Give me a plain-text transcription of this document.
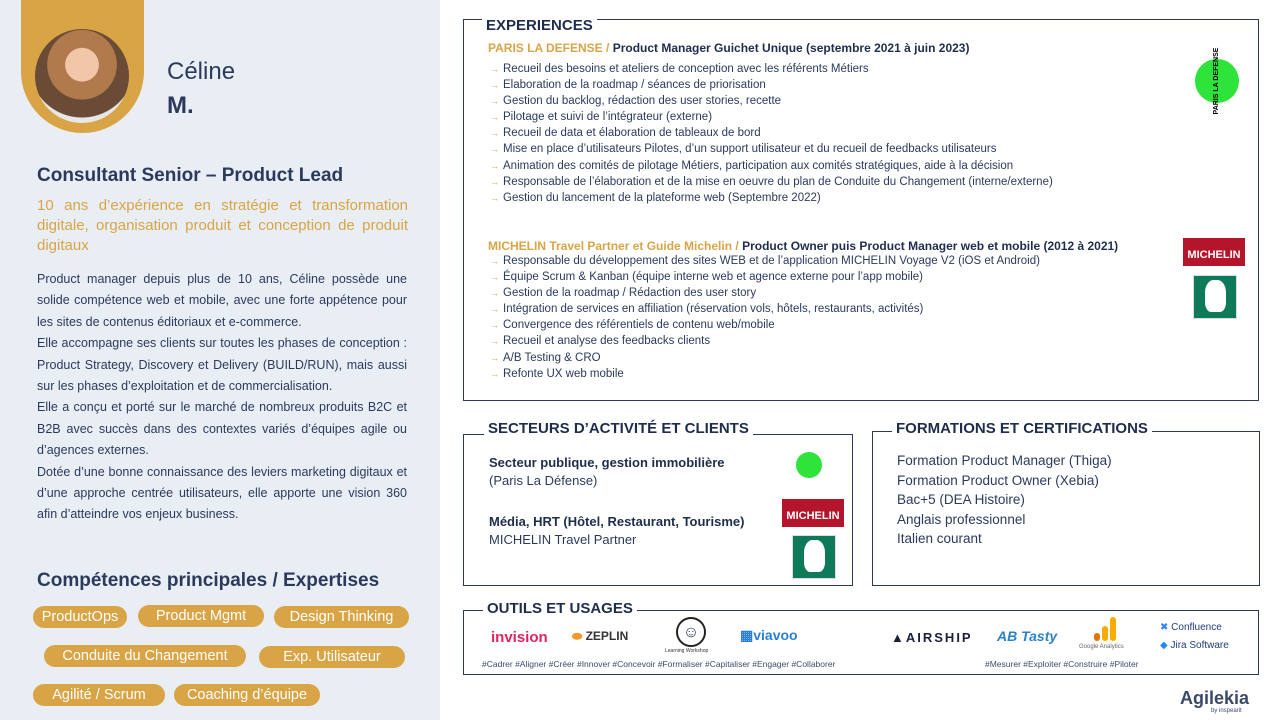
Céline
M.
Consultant Senior – Product Lead
10 ans d’expérience en stratégie et transformation digitale, organisation produit et conception de produit digitaux

Product manager depuis plus de 10 ans, Céline possède une solide compétence web et mobile, avec une forte appétence pour les sites de contenus éditoriaux et e-commerce.

Elle accompagne ses clients sur toutes les phases de conception : Product Strategy, Discovery et Delivery (BUILD/RUN), mais aussi sur les phases d’exploitation et de commercialisation.

Elle a conçu et porté sur le marché de nombreux produits B2C et B2B avec succès dans des contextes variés d’équipes agile ou d’agences externes.

Dotée d’une bonne connaissance des leviers marketing digitaux et d’une approche centrée utilisateurs, elle apporte une vision 360 afin d’atteindre vos enjeux business.

Compétences principales / Expertises
ProductOps	Product Mgmt	Design Thinking
Conduite du Changement	Exp. Utilisateur
Agilité / Scrum	Coaching d’équipe
EXPERIENCES
PARIS LA DEFENSE / Product Manager Guichet Unique (septembre 2021 à juin 2023)
→ Recueil des besoins et ateliers de conception avec les référents Métiers
→ Elaboration de la roadmap / séances de priorisation
→ Gestion du backlog, rédaction des user stories, recette
→ Pilotage et suivi de l’intégrateur (externe)
→ Recueil de data et élaboration de tableaux de bord
→ Mise en place d’utilisateurs Pilotes, d’un support utilisateur et du recueil de feedbacks utilisateurs
→ Animation des comités de pilotage Métiers, participation aux comités stratégiques, aide à la décision
→ Responsable de l’élaboration et de la mise en oeuvre du plan de Conduite du Changement (interne/externe)
→ Gestion du lancement de la plateforme web (Septembre 2022)
PARIS LA DEFENSE
MICHELIN Travel Partner et Guide Michelin / Product Owner puis Product Manager web et mobile (2012 à 2021)
→ Responsable du développement des sites WEB et de l’application MICHELIN Voyage V2 (iOS et Android)
→ Équipe Scrum & Kanban (équipe interne web et agence externe pour l’app mobile)
→ Gestion de la roadmap / Rédaction des user story
→ Intégration de services en affiliation (réservation vols, hôtels, restaurants, activités)
→ Convergence des référentiels de contenu web/mobile
→ Recueil et analyse des feedbacks clients
→ A/B Testing & CRO
→ Refonte UX web mobile
MICHELIN
SECTEURS D’ACTIVITÉ ET CLIENTS
Secteur publique, gestion immobilière
(Paris La Défense)
Média, HRT (Hôtel, Restaurant, Tourisme)
MICHELIN Travel Partner
MICHELIN
FORMATIONS ET CERTIFICATIONS
Formation Product Manager (Thiga)
Formation Product Owner (Xebia)
Bac+5 (DEA Histoire)
Anglais professionnel
Italien courant
OUTILS ET USAGES
invision ⬬ ZEPLIN	☺
Learning Workshop
▦viavoo	▲AIRSHIP AB Tasty
Google Analytics
✖ Confluence
◆ Jira Software
#Cadrer #Aligner #Créer #Innover #Concevoir #Formaliser #Capitaliser #Engager #Collaborer	#Mesurer #Exploiter #Construire #Piloter
Agilekia
by inspearit
